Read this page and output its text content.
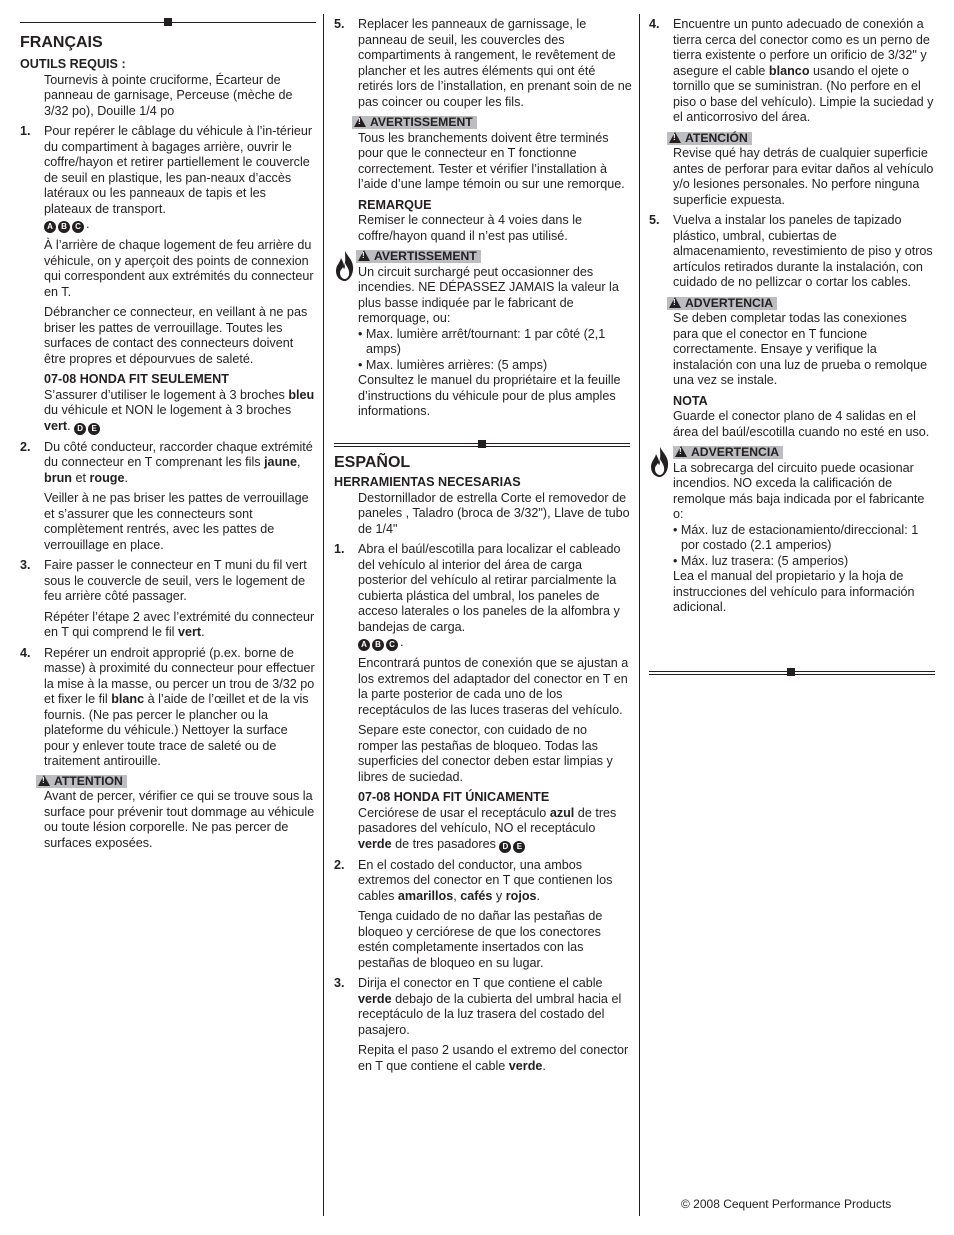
FRANÇAIS

OUTILS REQUIS :

Tournevis à pointe cruciforme, Écarteur de panneau de garnisage, Perceuse (mèche de 3/32 po), Douille 1/4 po

1. Pour repérer le câblage du véhicule à l’in-térieur du compartiment à bagages arrière, ouvrir le coffre/hayon et retirer partiellement le couvercle de seuil en plastique, les pan-neaux d’accès latéraux ou les panneaux de tapis et les plateaux de transport.
A B C .

À l’arrière de chaque logement de feu arrière du véhicule, on y aperçoit des points de connexion qui correspondent aux extrémités du connecteur en T.

Débrancher ce connecteur, en veillant à ne pas briser les pattes de verrouillage. Toutes les surfaces de contact des connecteurs doivent être propres et dépourvues de saleté.

07-08 HONDA FIT SEULEMENT

S’assurer d’utiliser le logement à 3 broches bleu du véhicule et NON le logement à 3 broches vert. D E

2. Du côté conducteur, raccorder chaque extrémité du connecteur en T comprenant les fils jaune, brun et rouge.

Veiller à ne pas briser les pattes de verrouillage et s’assurer que les connecteurs sont complètement rentrés, avec les pattes de verrouillage en place.

3. Faire passer le connecteur en T muni du fil vert sous le couvercle de seuil, vers le logement de feu arrière côté passager.

Répéter l’étape 2 avec l’extrémité du connecteur en T qui comprend le fil vert.

4. Repérer un endroit approprié (p.ex. borne de masse) à proximité du connecteur pour effectuer la mise à la masse, ou percer un trou de 3/32 po et fixer le fil blanc à l’aide de l’œillet et de la vis fournis. (Ne pas percer le plancher ou la plateforme du véhicule.) Nettoyer la surface pour y enlever toute trace de saleté ou de traitement antirouille.

!ATTENTION

Avant de percer, vérifier ce qui se trouve sous la surface pour prévenir tout dommage au véhicule ou toute lésion corporelle. Ne pas percer de surfaces exposées.

5. Replacer les panneaux de garnissage, le panneau de seuil, les couvercles des compartiments à rangement, le revêtement de plancher et les autres éléments qui ont été retirés lors de l’installation, en prenant soin de ne pas coincer ou couper les fils.

!AVERTISSEMENT

Tous les branchements doivent être terminés pour que le connecteur en T fonctionne correctement. Tester et vérifier l’installation à l’aide d’une lampe témoin ou sur une remorque.

REMARQUE

Remiser le connecteur à 4 voies dans le coffre/hayon quand il n’est pas utilisé.

!AVERTISSEMENT

Un circuit surchargé peut occasionner des incendies. NE DÉPASSEZ JAMAIS la valeur la plus basse indiquée par le fabricant de remorquage, ou:

• Max. lumière arrêt/tournant: 1 par côté (2,1 amps)

• Max. lumières arrières: (5 amps)

Consultez le manuel du propriétaire et la feuille d’instructions du véhicule pour de plus amples informations.

ESPAÑOL

HERRAMIENTAS NECESARIAS

Destornillador de estrella Corte el removedor de paneles , Taladro (broca de 3/32"), Llave de tubo de 1/4"

1. Abra el baúl/escotilla para localizar el cableado del vehículo al interior del área de carga posterior del vehículo al retirar parcialmente la cubierta plástica del umbral, los paneles de acceso laterales o los paneles de la alfombra y bandejas de carga.
A B C .

Encontrará puntos de conexión que se ajustan a los extremos del adaptador del conector en T en la parte posterior de cada uno de los receptáculos de las luces traseras del vehículo.

Separe este conector, con cuidado de no romper las pestañas de bloqueo. Todas las superficies del conector deben estar limpias y libres de suciedad.

07-08 HONDA FIT ÚNICAMENTE

Cerciórese de usar el receptáculo azul de tres pasadores del vehículo, NO el receptáculo verde de tres pasadores D E

2. En el costado del conductor, una ambos extremos del conector en T que contienen los cables amarillos, cafés y rojos.

Tenga cuidado de no dañar las pestañas de bloqueo y cerciórese de que los conectores estén completamente insertados con las pestañas de bloqueo en su lugar.

3. Dirija el conector en T que contiene el cable verde debajo de la cubierta del umbral hacia el receptáculo de la luz trasera del costado del pasajero.

Repita el paso 2 usando el extremo del conector en T que contiene el cable verde.

4. Encuentre un punto adecuado de conexión a tierra cerca del conector como es un perno de tierra existente o perfore un orificio de 3/32" y asegure el cable blanco usando el ojete o tornillo que se suministran. (No perfore en el piso o base del vehículo). Limpie la suciedad y el anticorrosivo del área.

!ATENCIÓN

Revise qué hay detrás de cualquier superficie antes de perforar para evitar daños al vehículo y/o lesiones personales. No perfore ninguna superficie expuesta.

5. Vuelva a instalar los paneles de tapizado plástico, umbral, cubiertas de almacenamiento, revestimiento de piso y otros artículos retirados durante la instalación, con cuidado de no pellizcar o cortar los cables.

!ADVERTENCIA

Se deben completar todas las conexiones para que el conector en T funcione correctamente. Ensaye y verifique la instalación con una luz de prueba o remolque una vez se instale.

NOTA

Guarde el conector plano de 4 salidas en el área del baúl/escotilla cuando no esté en uso.

!ADVERTENCIA

La sobrecarga del circuito puede ocasionar incendios. NO exceda la calificación de remolque más baja indicada por el fabricante o:

• Máx. luz de estacionamiento/direccional: 1 por costado (2.1 amperios)

• Máx. luz trasera: (5 amperios)

Lea el manual del propietario y la hoja de instrucciones del vehículo para información adicional.

© 2008 Cequent Performance Products
